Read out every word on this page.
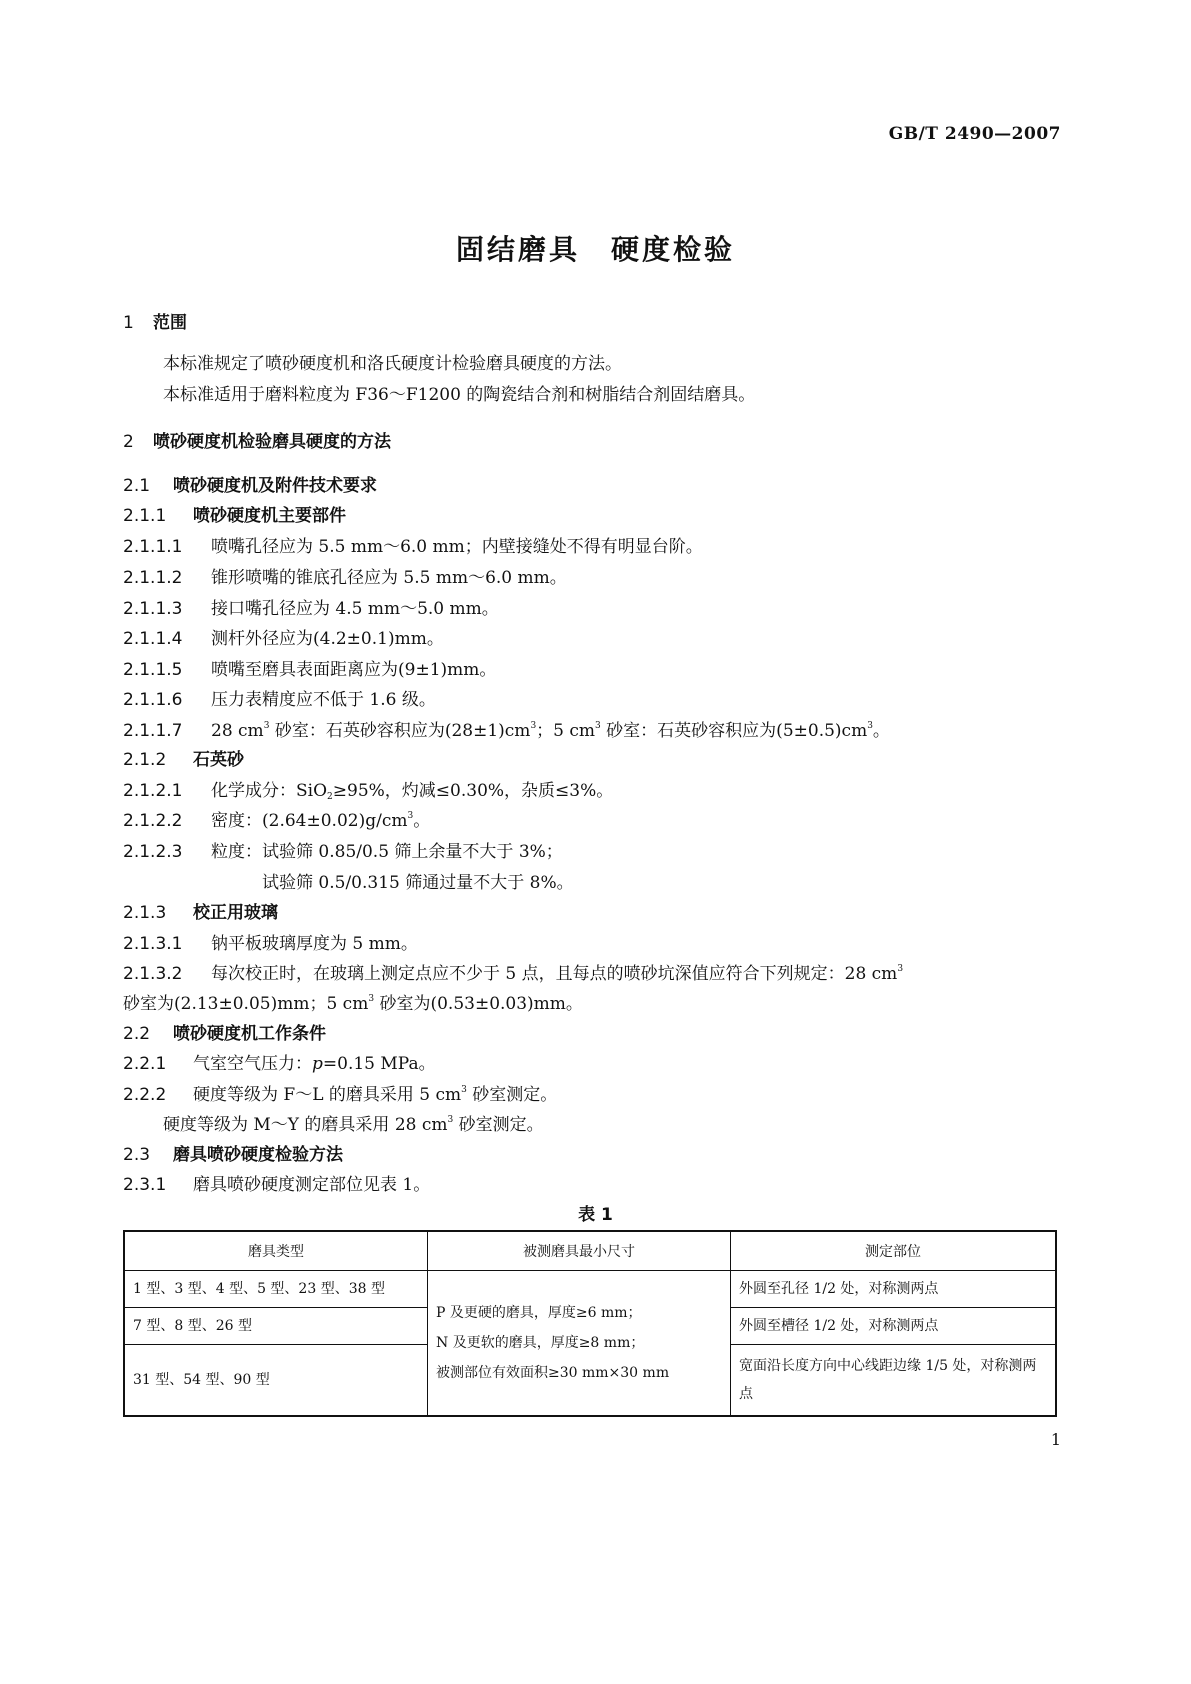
GB/T 2490—2007
固结磨具　硬度检验
1 范围
本标准规定了喷砂硬度机和洛氏硬度计检验磨具硬度的方法。
本标准适用于磨料粒度为 F36～F1200 的陶瓷结合剂和树脂结合剂固结磨具。
2 喷砂硬度机检验磨具硬度的方法
2.1 喷砂硬度机及附件技术要求
2.1.1 喷砂硬度机主要部件
2.1.1.1 喷嘴孔径应为 5.5 mm～6.0 mm；内壁接缝处不得有明显台阶。
2.1.1.2 锥形喷嘴的锥底孔径应为 5.5 mm～6.0 mm。
2.1.1.3 接口嘴孔径应为 4.5 mm～5.0 mm。
2.1.1.4 测杆外径应为(4.2±0.1)mm。
2.1.1.5 喷嘴至磨具表面距离应为(9±1)mm。
2.1.1.6 压力表精度应不低于 1.6 级。
2.1.1.7 28 $cm^3$ 砂室：石英砂容积应为$(28\pm 1)cm^3$；5 $cm^3$ 砂室：石英砂容积应为$(5\pm 0.5)cm^3$。
2.1.2 石英砂
2.1.2.1 化学成分：SiO$_2$≥95%，灼减≤0.30%，杂质≤3%。
2.1.2.2 密度：$(2.64\pm 0.02)g/cm^3$。
2.1.2.3 粒度：试验筛 0.85/0.5 筛上余量不大于 3%；
试验筛 0.5/0.315 筛通过量不大于 8%。
2.1.3 校正用玻璃
2.1.3.1 钠平板玻璃厚度为 5 mm。
2.1.3.2 每次校正时，在玻璃上测定点应不少于 5 点，且每点的喷砂坑深值应符合下列规定：28 $cm^3$
砂室为(2.13±0.05)mm；5 $cm^3$ 砂室为(0.53±0.03)mm。
2.2 喷砂硬度机工作条件
2.2.1 气室空气压力：p=0.15 MPa。
2.2.2 硬度等级为 F～L 的磨具采用 5 $cm^3$ 砂室测定。
硬度等级为 M～Y 的磨具采用 28 $cm^3$ 砂室测定。
2.3 磨具喷砂硬度检验方法
2.3.1 磨具喷砂硬度测定部位见表 1。
表 1
磨具类型	被测磨具最小尺寸	测定部位
1 型、3 型、4 型、5 型、23 型、38 型	P 及更硬的磨具，厚度≥6 mm；
N 及更软的磨具，厚度≥8 mm；
被测部位有效面积≥30 mm×30 mm	外圆至孔径 1/2 处，对称测两点
7 型、8 型、26 型		外圆至槽径 1/2 处，对称测两点
31 型、54 型、90 型		宽面沿长度方向中心线距边缘 1/5 处，对称测两点
1
